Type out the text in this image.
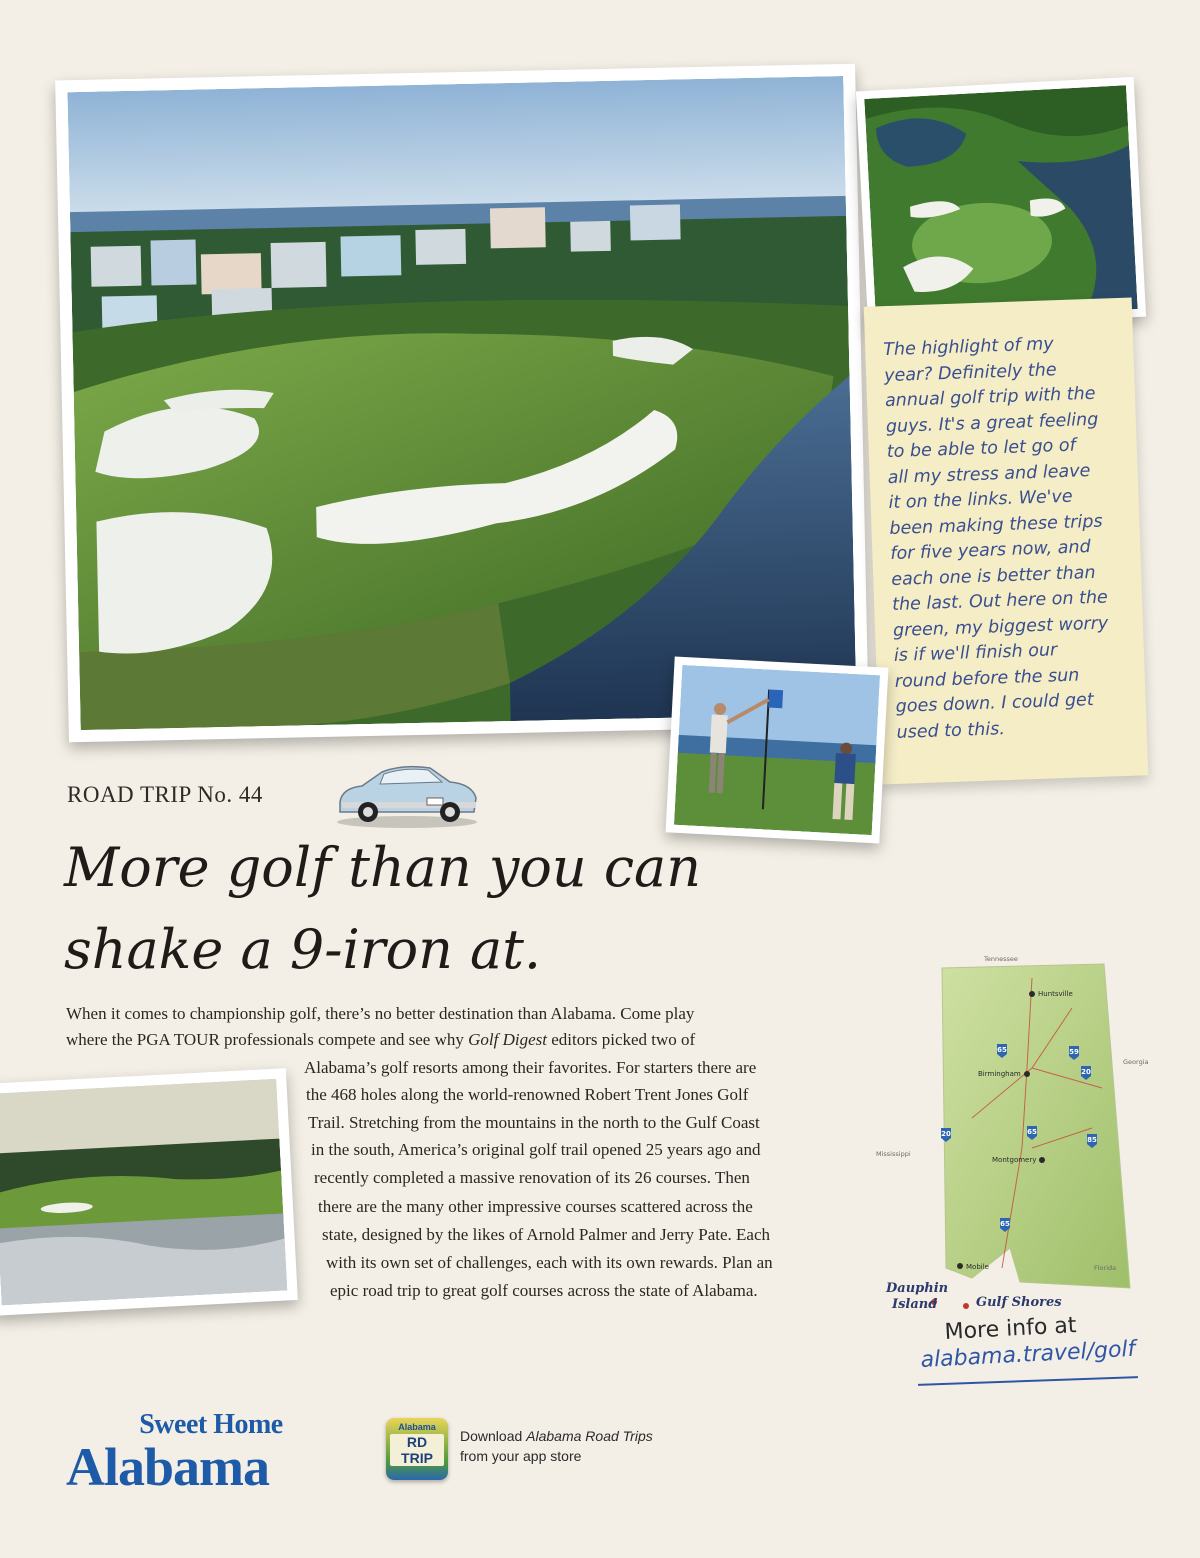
The highlight of my
year? Definitely the
annual golf trip with the
guys. It's a great feeling
to be able to let go of
all my stress and leave
it on the links. We've
been making these trips
for five years now, and
each one is better than
the last. Out here on the
green, my biggest worry
is if we'll finish our
round before the sun
goes down. I could get
used to this.
ROAD TRIP No. 44
More golf than you can
shake a 9-iron at.
When it comes to championship golf, there’s no better destination than Alabama. Come play
where the PGA TOUR professionals compete and see why Golf Digest editors picked two of
Alabama’s golf resorts among their favorites. For starters there are
the 468 holes along the world-renowned Robert Trent Jones Golf
Trail. Stretching from the mountains in the north to the Gulf Coast
in the south, America’s original golf trail opened 25 years ago and
recently completed a massive renovation of its 26 courses. Then
there are the many other impressive courses scattered across the
state, designed by the likes of Arnold Palmer and Jerry Pate. Each
with its own set of challenges, each with its own rewards. Plan an
epic road trip to great golf courses across the state of Alabama.
65	59
20
20	65
85
65
Tennessee
Georgia
Mississippi
Florida
Huntsville
Birmingham
Montgomery
Mobile
Dauphin
Island	Gulf Shores
More info at
alabama.travel/golf
Sweet Home
Alabama
Alabama
RD TRIP
Download Alabama Road Trips
from your app store
